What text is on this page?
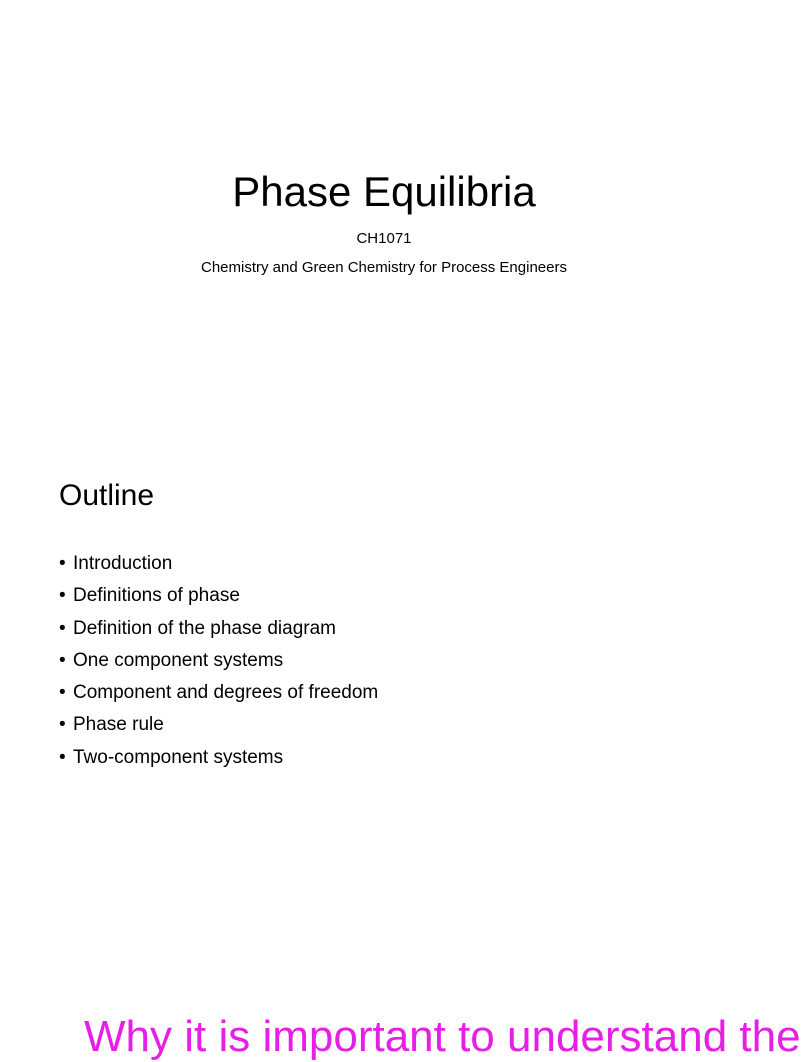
Phase Equilibria
CH1071
Chemistry and Green Chemistry for Process Engineers
Outline
• Introduction
• Definitions of phase
• Definition of the phase diagram
• One component systems
• Component and degrees of freedom
• Phase rule
• Two-component systems
Why it is important to understand the
